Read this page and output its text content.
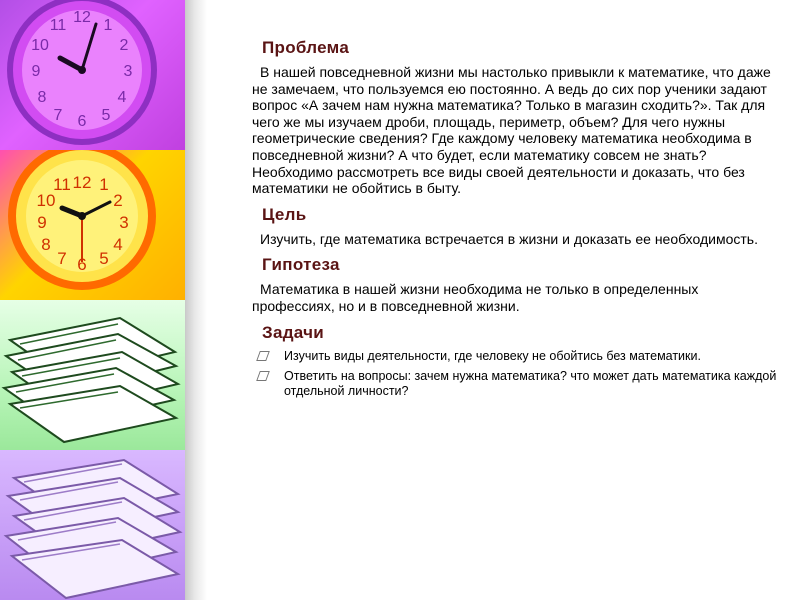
12 1
2
3
4
5
6
7
8
9
10
11
12 1
2
3
4
5
6
7
8
9
10
11
Проблема

В нашей повседневной жизни мы настолько привыкли к математике, что даже не замечаем, что пользуемся ею постоянно. А ведь до сих пор ученики задают вопрос «А зачем нам нужна математика? Только в магазин сходить?». Так для чего же мы изучаем дроби, площадь, периметр, объем? Для чего нужны геометрические сведения? Где каждому человеку математика необходима в повседневной жизни? А что будет, если математику совсем не знать? Необходимо рассмотреть все виды своей деятельности и доказать, что без математики не обойтись в быту.

Цель

Изучить, где математика встречается в жизни и доказать ее необходимость.

Гипотеза

Математика в нашей жизни необходима не только в определенных профессиях, но и в повседневной жизни.

Задачи
Изучить виды деятельности, где человеку не обойтись без математики.
Ответить на вопросы: зачем нужна математика? что может дать математика каждой отдельной личности?
